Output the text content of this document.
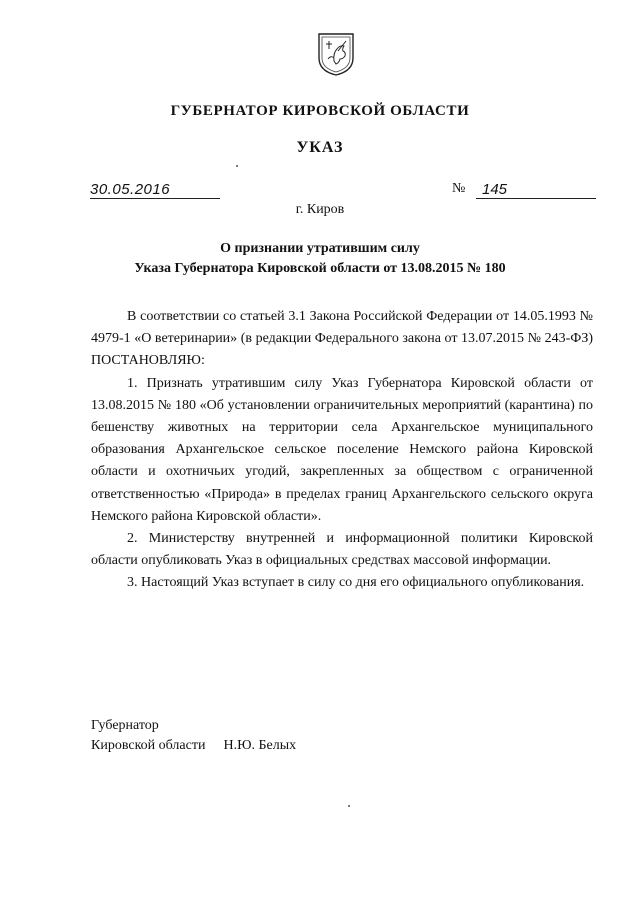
ГУБЕРНАТОР КИРОВСКОЙ ОБЛАСТИ
УКАЗ
30.05.2016	№ 145
г. Киров
О признании утратившим силу
Указа Губернатора Кировской области от 13.08.2015 № 180

В соответствии со статьей 3.1 Закона Российской Федерации от 14.05.1993 № 4979-1 «О ветеринарии» (в редакции Федерального закона от 13.07.2015 № 243-ФЗ) ПОСТАНОВЛЯЮ:

1. Признать утратившим силу Указ Губернатора Кировской области от 13.08.2015 № 180 «Об установлении ограничительных мероприятий (карантина) по бешенству животных на территории села Архангельское муниципального образования Архангельское сельское поселение Немского района Кировской области и охотничьих угодий, закрепленных за обществом с ограниченной ответственностью «Природа» в пределах границ Архангельского сельского округа Немского района Кировской области».

2. Министерству внутренней и информационной политики Кировской области опубликовать Указ в официальных средствах массовой информации.

3. Настоящий Указ вступает в силу со дня его официального опубликования.

Губернатор
Кировской области Н.Ю. Белых
